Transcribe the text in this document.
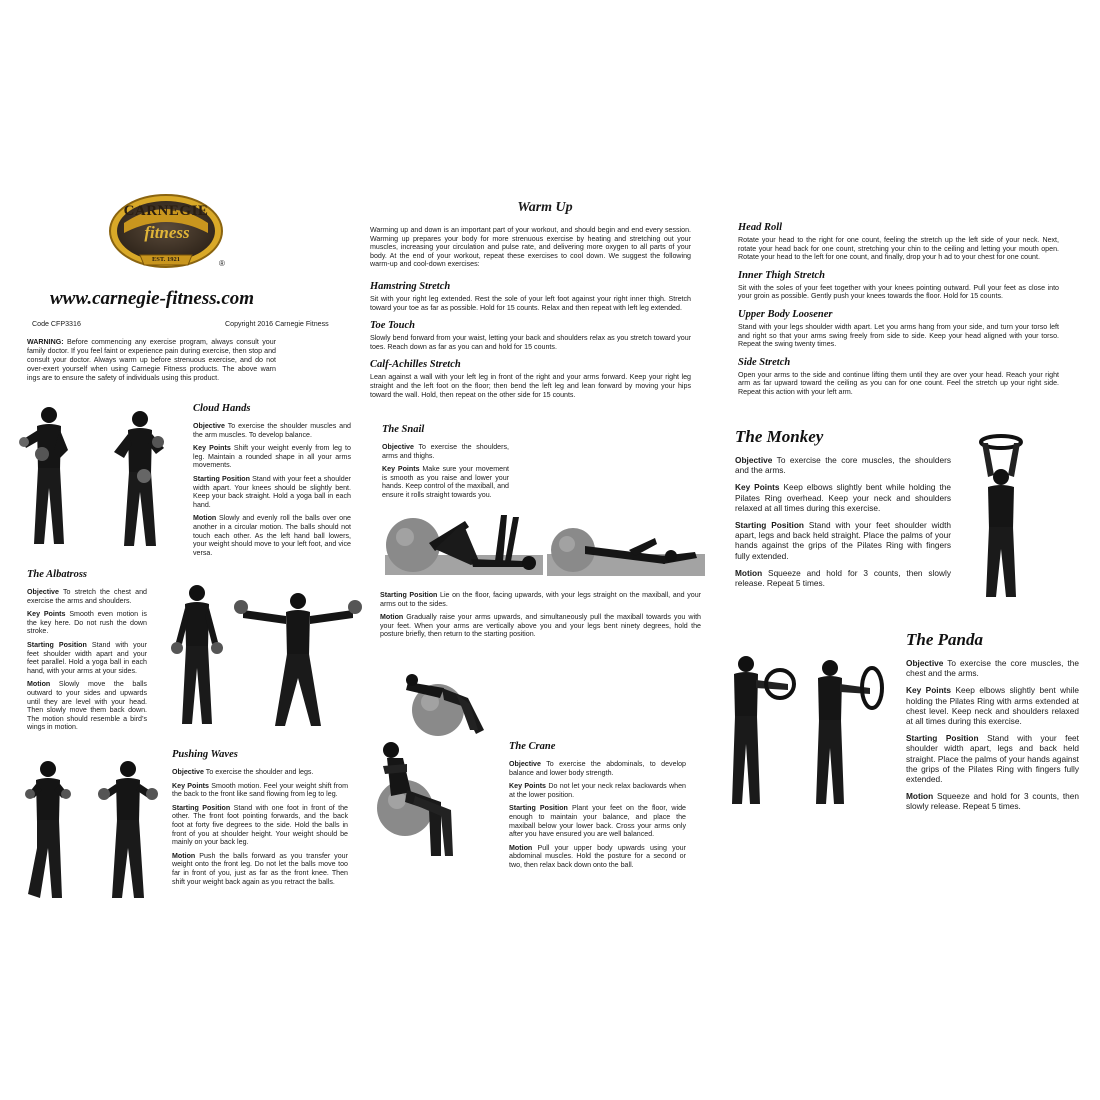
CARNEGIE
fitness
EST. 1921	®
www.carnegie-fitness.com
Code CFP3316	Copyright 2016 Carnegie Fitness
WARNING: Before commencing any exercise program, always consult your family doctor. If you feel faint or experience pain during exercise, then stop and consult your doctor. Always warm up before strenuous exercise, and do not over-exert yourself when using Carnegie Fitness products. The above warn ings are to ensure the safety of individuals using this product.
Cloud Hands
Objective To exercise the shoulder muscles and the arm muscles. To develop balance.
Key Points Shift your weight evenly from leg to leg. Maintain a rounded shape in all your arms movements.
Starting Position Stand with your feet a shoulder width apart. Your knees should be slightly bent. Keep your back straight. Hold a yoga ball in each hand.
Motion Slowly and evenly roll the balls over one another in a circular motion. The balls should not touch each other. As the left hand ball lowers, your weight should move to your left foot, and vice versa.
The Albatross
Objective To stretch the chest and exercise the arms and shoulders.
Key Points Smooth even motion is the key here. Do not rush the down stroke.
Starting Position Stand with your feet shoulder width apart and your feet parallel. Hold a yoga ball in each hand, with your arms at your sides.
Motion Slowly move the balls outward to your sides and upwards until they are level with your head. Then slowly move them back down. The motion should resemble a bird’s wings in motion.
Pushing Waves
Objective To exercise the shoulder and legs.
Key Points Smooth motion. Feel your weight shift from the back to the front like sand flowing from leg to leg.
Starting Position Stand with one foot in front of the other. The front foot pointing forwards, and the back foot at forty five degrees to the side. Hold the balls in front of you at shoulder height. Your weight should be mainly on your back leg.
Motion Push the balls forward as you transfer your weight onto the front leg. Do not let the balls move too far in front of you, just as far as the front knee. Then shift your weight back again as you retract the balls.
Warm Up
Warming up and down is an important part of your workout, and should begin and end every session. Warming up prepares your body for more strenuous exercise by heating and stretching out your muscles, increasing your circulation and pulse rate, and delivering more oxygen to all parts of your body. At the end of your workout, repeat these exercises to cool down. We suggest the following warm-up and cool-down exercises:
Hamstring Stretch
Sit with your right leg extended. Rest the sole of your left foot against your right inner thigh. Stretch toward your toe as far as possible. Hold for 15 counts. Relax and then repeat with left leg extended.
Toe Touch
Slowly bend forward from your waist, letting your back and shoulders relax as you stretch toward your toes. Reach down as far as you can and hold for 15 counts.
Calf-Achilles Stretch
Lean against a wall with your left leg in front of the right and your arms forward. Keep your right leg straight and the left foot on the floor; then bend the left leg and lean forward by moving your hips toward the wall. Hold, then repeat on the other side for 15 counts.
Head Roll
Rotate your head to the right for one count, feeling the stretch up the left side of your neck. Next, rotate your head back for one count, stretching your chin to the ceiling and letting your mouth open. Rotate your head to the left for one count, and finally, drop your h ad to your chest for one count.
Inner Thigh Stretch
Sit with the soles of your feet together with your knees pointing outward. Pull your feet as close into your groin as possible. Gently push your knees towards the floor. Hold for 15 counts.
Upper Body Loosener
Stand with your legs shoulder width apart. Let you arms hang from your side, and turn your torso left and right so that your arms swing freely from side to side. Keep your head aligned with your torso. Repeat the swing twenty times.
Side Stretch
Open your arms to the side and continue lifting them until they are over your head. Reach your right arm as far upward toward the ceiling as you can for one count. Feel the stretch up your right side. Repeat this action with your left arm.
The Snail
Objective To exercise the shoulders, arms and thighs.
Key Points Make sure your movement is smooth as you raise and lower your hands. Keep control of the maxiball, and ensure it rolls straight towards you.
Starting Position Lie on the floor, facing upwards, with your legs straight on the maxiball, and your arms out to the sides.
Motion Gradually raise your arms upwards, and simultaneously pull the maxiball towards you with your feet. When your arms are vertically above you and your legs bent ninety degrees, hold the posture briefly, then return to the starting position.
The Crane
Objective To exercise the abdominals, to develop balance and lower body strength.
Key Points Do not let your neck relax backwards when at the lower position.
Starting Position Plant your feet on the floor, wide enough to maintain your balance, and place the maxiball below your lower back. Cross your arms only after you have ensured you are well balanced.
Motion Pull your upper body upwards using your abdominal muscles. Hold the posture for a second or two, then relax back down onto the ball.
The Monkey
Objective To exercise the core muscles, the shoulders and the arms.
Key Points Keep elbows slightly bent while holding the Pilates Ring overhead. Keep your neck and shoulders relaxed at all times during this exercise.
Starting Position Stand with your feet shoulder width apart, legs and back held straight. Place the palms of your hands against the grips of the Pilates Ring with fingers fully extended.
Motion Squeeze and hold for 3 counts, then slowly release. Repeat 5 times.
The Panda
Objective To exercise the core muscles, the chest and the arms.
Key Points Keep elbows slightly bent while holding the Pilates Ring with arms extended at chest level. Keep neck and shoulders relaxed at all times during this exercise.
Starting Position Stand with your feet shoulder width apart, legs and back held straight. Place the palms of your hands against the grips of the Pilates Ring with fingers fully extended.
Motion Squeeze and hold for 3 counts, then slowly release. Repeat 5 times.
